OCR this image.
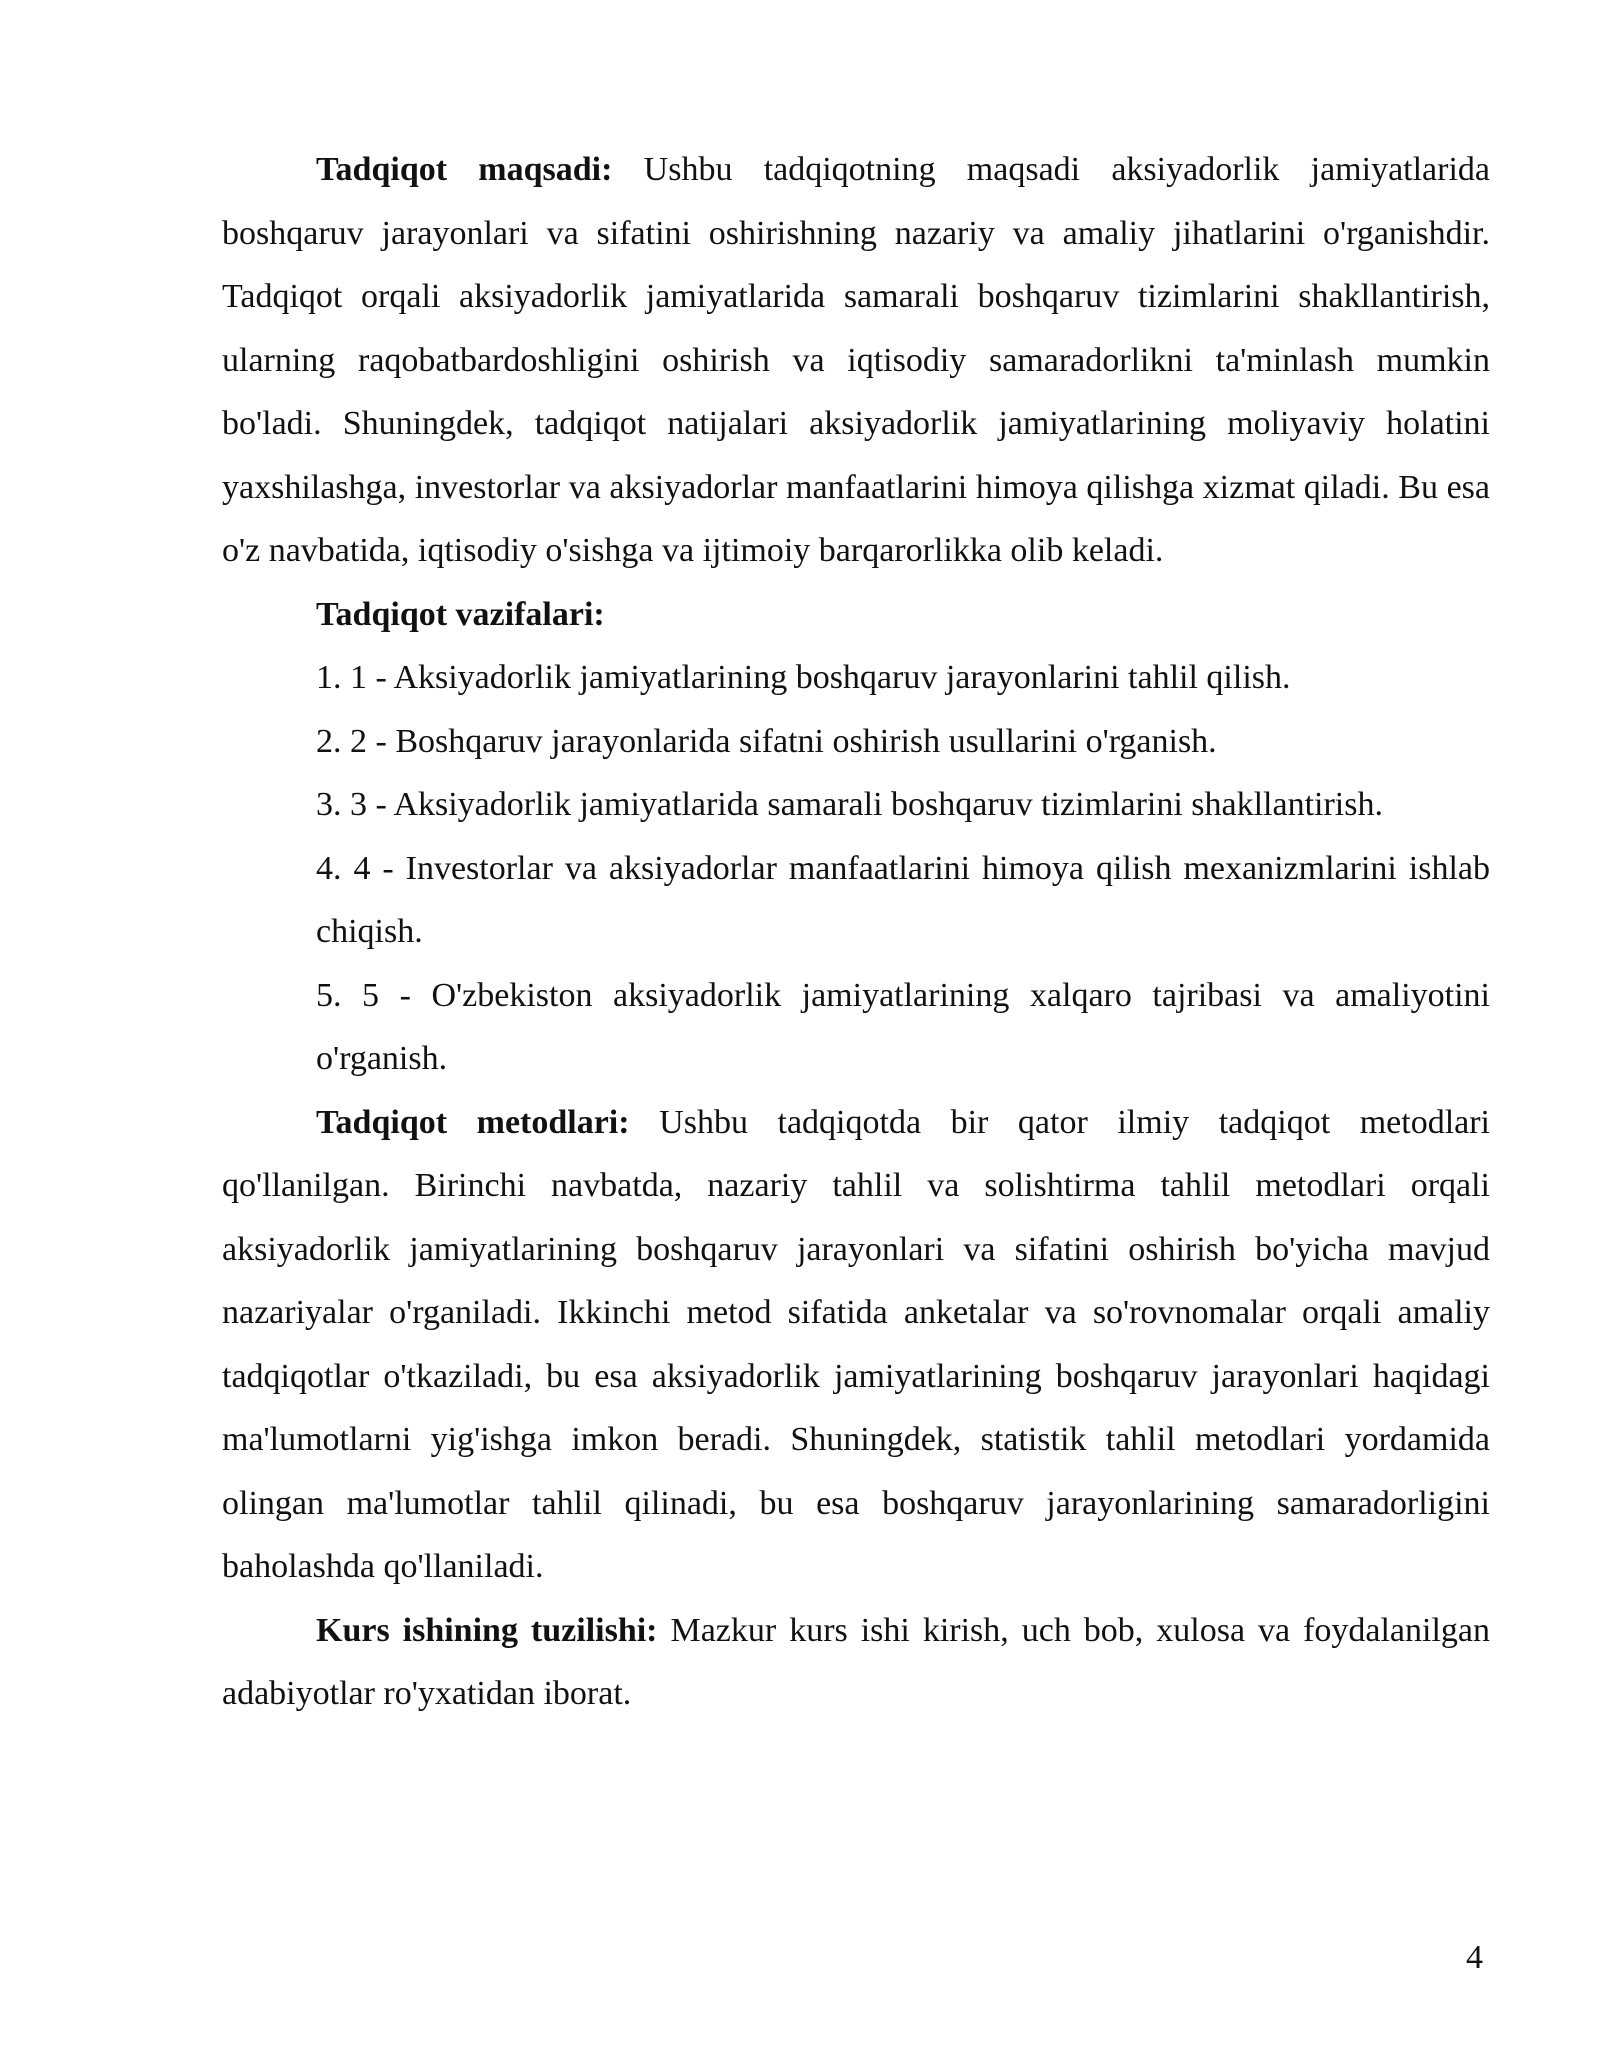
Tadqiqot maqsadi: Ushbu tadqiqotning maqsadi aksiyadorlik jamiyatlarida boshqaruv jarayonlari va sifatini oshirishning nazariy va amaliy jihatlarini o'rganishdir. Tadqiqot orqali aksiyadorlik jamiyatlarida samarali boshqaruv tizimlarini shakllantirish, ularning raqobatbardoshligini oshirish va iqtisodiy samaradorlikni ta'minlash mumkin bo'ladi. Shuningdek, tadqiqot natijalari aksiyadorlik jamiyatlarining moliyaviy holatini yaxshilashga, investorlar va aksiyadorlar manfaatlarini himoya qilishga xizmat qiladi. Bu esa o'z navbatida, iqtisodiy o'sishga va ijtimoiy barqarorlikka olib keladi.

Tadqiqot vazifalari:

1. 1 - Aksiyadorlik jamiyatlarining boshqaruv jarayonlarini tahlil qilish.
2. 2 - Boshqaruv jarayonlarida sifatni oshirish usullarini o'rganish.
3. 3 - Aksiyadorlik jamiyatlarida samarali boshqaruv tizimlarini shakllantirish.
4. 4 - Investorlar va aksiyadorlar manfaatlarini himoya qilish mexanizmlarini ishlab chiqish.
5. 5 - O'zbekiston aksiyadorlik jamiyatlarining xalqaro tajribasi va amaliyotini o'rganish.

Tadqiqot metodlari: Ushbu tadqiqotda bir qator ilmiy tadqiqot metodlari qo'llanilgan. Birinchi navbatda, nazariy tahlil va solishtirma tahlil metodlari orqali aksiyadorlik jamiyatlarining boshqaruv jarayonlari va sifatini oshirish bo'yicha mavjud nazariyalar o'rganiladi. Ikkinchi metod sifatida anketalar va so'rovnomalar orqali amaliy tadqiqotlar o'tkaziladi, bu esa aksiyadorlik jamiyatlarining boshqaruv jarayonlari haqidagi ma'lumotlarni yig'ishga imkon beradi. Shuningdek, statistik tahlil metodlari yordamida olingan ma'lumotlar tahlil qilinadi, bu esa boshqaruv jarayonlarining samaradorligini baholashda qo'llaniladi.

Kurs ishining tuzilishi: Mazkur kurs ishi kirish, uch bob, xulosa va foydalanilgan adabiyotlar ro'yxatidan iborat.

4
